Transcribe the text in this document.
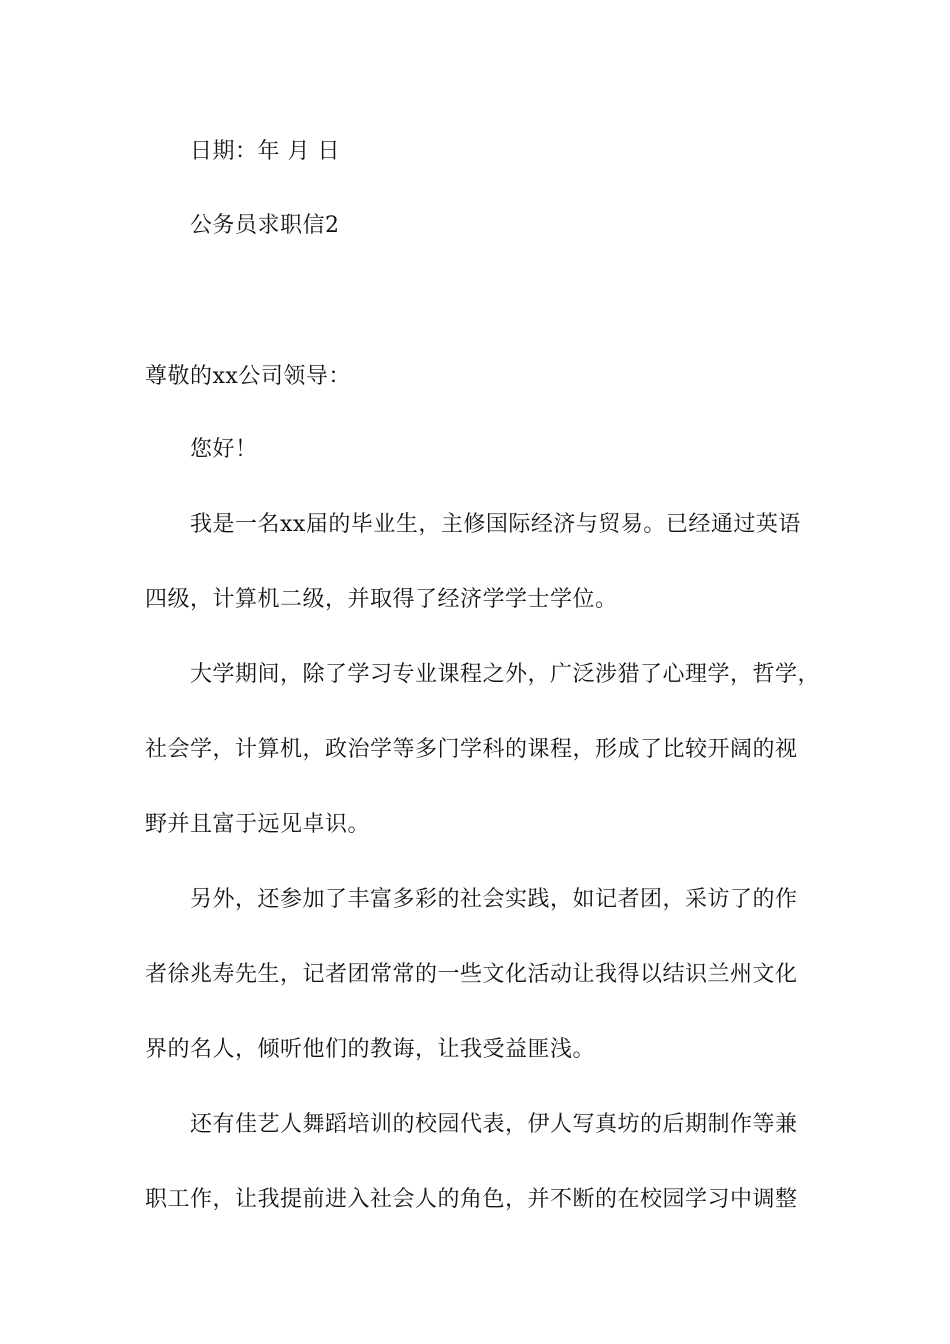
日期：年 月 日
公务员求职信2
尊敬的xx公司领导：
您好！
我是一名xx届的毕业生，主修国际经济与贸易。已经通过英语
四级，计算机二级，并取得了经济学学士学位。
大学期间，除了学习专业课程之外，广泛涉猎了心理学，哲学，
社会学，计算机，政治学等多门学科的课程，形成了比较开阔的视
野并且富于远见卓识。
另外，还参加了丰富多彩的社会实践，如记者团，采访了的作
者徐兆寿先生，记者团常常的一些文化活动让我得以结识兰州文化
界的名人，倾听他们的教诲，让我受益匪浅。
还有佳艺人舞蹈培训的校园代表，伊人写真坊的后期制作等兼
职工作，让我提前进入社会人的角色，并不断的在校园学习中调整
